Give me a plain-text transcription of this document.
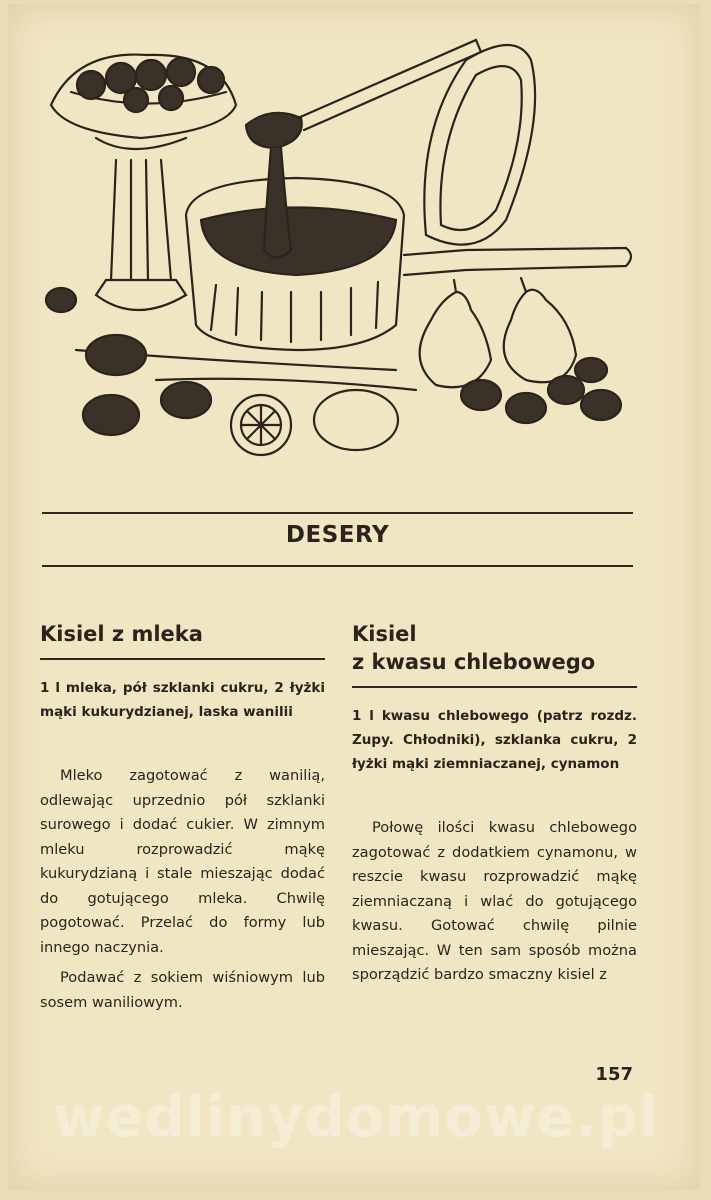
DESERY
Kisiel z mleka

1 l mleka, pół szklanki cukru, 2 łyżki mąki kukurydzianej, laska wanilii

Mleko zagotować z wanilią, odlewając uprzednio pół szklanki surowego i dodać cukier. W zimnym mleku rozprowadzić mąkę kukurydzianą i stale mieszając dodać do gotującego mleka. Chwilę pogotować. Przelać do formy lub innego naczynia.

Podawać z sokiem wiśniowym lub sosem waniliowym.

Kisiel
z kwasu chlebowego

1 l kwasu chlebowego (patrz rozdz. Zupy. Chłodniki), szklanka cukru, 2 łyżki mąki ziemniaczanej, cynamon

Połowę ilości kwasu chlebowego zagotować z dodatkiem cynamonu, w reszcie kwasu rozprowadzić mąkę ziemniaczaną i wlać do gotującego kwasu. Gotować chwilę pilnie mieszając. W ten sam sposób można sporządzić bardzo smaczny kisiel z

157
wedlinydomowe.pl
